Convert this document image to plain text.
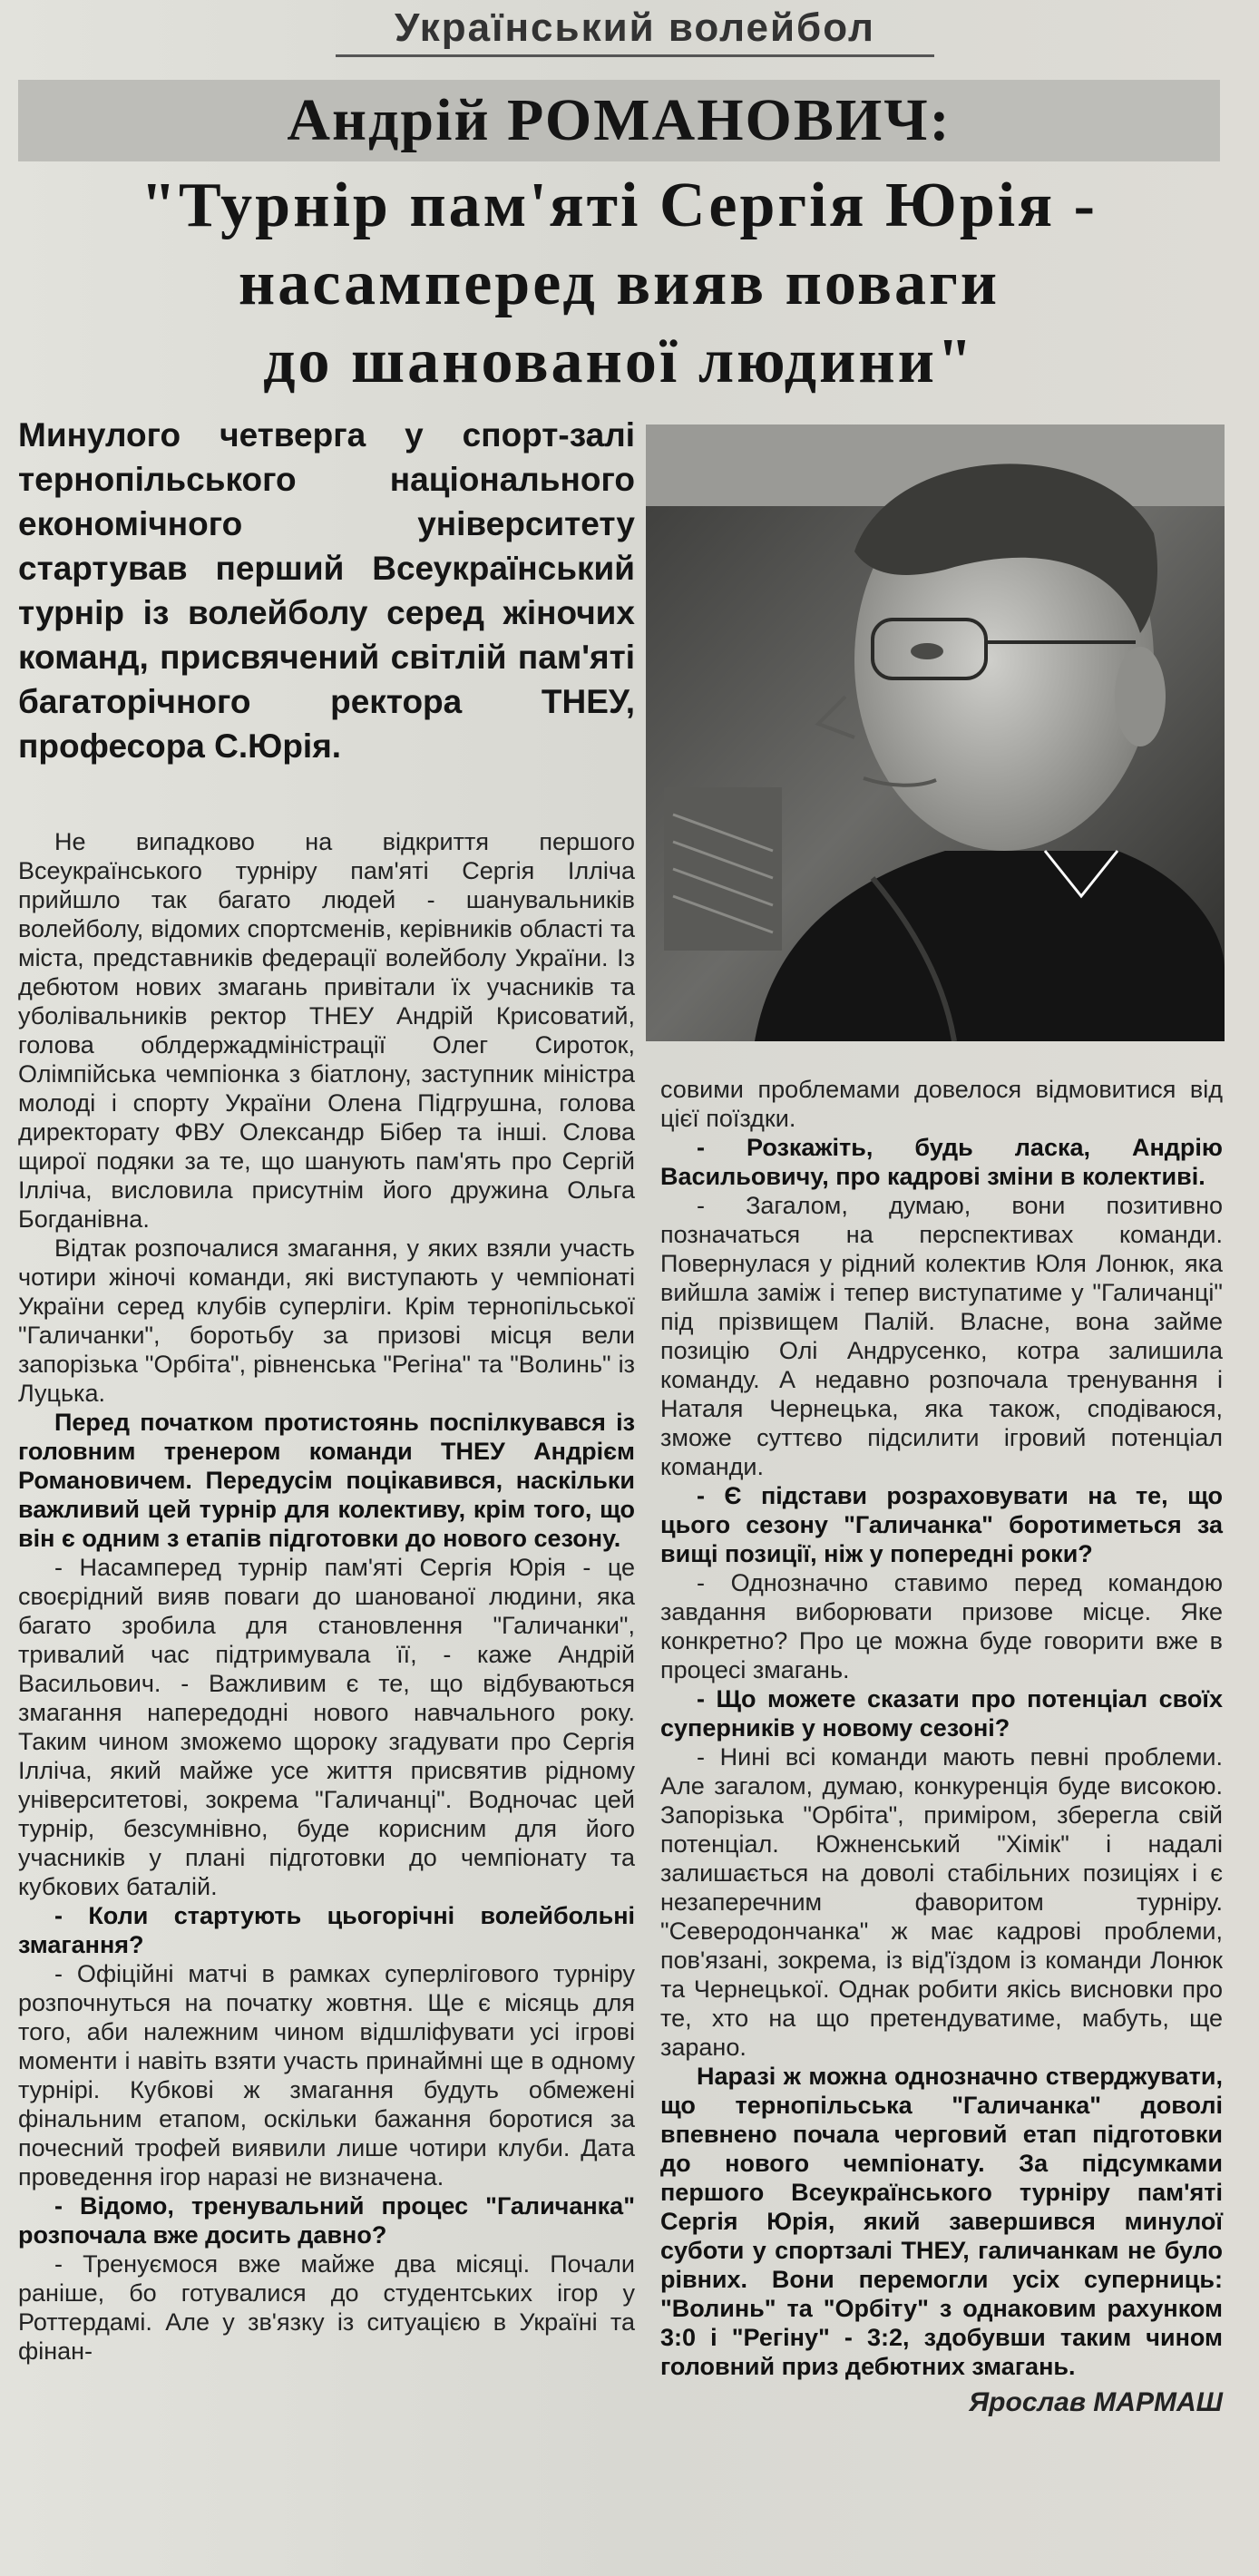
Український волейбол
Андрій РОМАНОВИЧ:
"Турнір пам'яті Сергія Юрія -
насамперед вияв поваги
до шанованої людини"

Минулого четверга у спорт-залі тернопільського національного економічного університету стартував перший Всеукраїнський турнір із волейболу серед жіночих команд, присвячений світлій пам'яті багаторічного ректора ТНЕУ, професора С.Юрія.

Не випадково на відкриття першого Всеукраїнського турніру пам'яті Сергія Ілліча прийшло так багато людей - шанувальників волейболу, відомих спортсменів, керівників області та міста, представників федерації волейболу України. Із дебютом нових змагань привітали їх учасників та уболівальників ректор ТНЕУ Андрій Крисоватий, голова облдержадміністрації Олег Сироток, Олімпійська чемпіонка з біатлону, заступник міністра молоді і спорту України Олена Підгрушна, голова директорату ФВУ Олександр Бібер та інші. Слова щирої подяки за те, що шанують пам'ять про Сергій Ілліча, висловила присутнім його дружина Ольга Богданівна.

Відтак розпочалися змагання, у яких взяли участь чотири жіночі команди, які виступають у чемпіонаті України серед клубів суперліги. Крім тернопільської "Галичанки", боротьбу за призові місця вели запорізька "Орбіта", рівненська "Регіна" та "Волинь" із Луцька.

Перед початком протистоянь поспілкувався із головним тренером команди ТНЕУ Андрієм Романовичем. Передусім поцікавився, наскільки важливий цей турнір для колективу, крім того, що він є одним з етапів підготовки до нового сезону.

- Насамперед турнір пам'яті Сергія Юрія - це своєрідний вияв поваги до шанованої людини, яка багато зробила для становлення "Галичанки", тривалий час підтримувала її, - каже Андрій Васильович. - Важливим є те, що відбуваються змагання напередодні нового навчального року. Таким чином зможемо щороку згадувати про Сергія Ілліча, який майже усе життя присвятив рідному університетові, зокрема "Галичанці". Водночас цей турнір, безсумнівно, буде корисним для його учасників у плані підготовки до чемпіонату та кубкових баталій.

- Коли стартують цьогорічні волейбольні змагання?

- Офіційні матчі в рамках суперлігового турніру розпочнуться на початку жовтня. Ще є місяць для того, аби належним чином відшліфувати усі ігрові моменти і навіть взяти участь принаймні ще в одному турнірі. Кубкові ж змагання будуть обмежені фінальним етапом, оскільки бажання боротися за почесний трофей виявили лише чотири клуби. Дата проведення ігор наразі не визначена.

- Відомо, тренувальний процес "Галичанка" розпочала вже досить давно?

- Тренуємося вже майже два місяці. Почали раніше, бо готувалися до студентських ігор у Роттердамі. Але у зв'язку із ситуацією в Україні та фінан-

совими проблемами довелося відмовитися від цієї поїздки.

- Розкажіть, будь ласка, Андрію Васильовичу, про кадрові зміни в колективі.

- Загалом, думаю, вони позитивно позначаться на перспективах команди. Повернулася у рідний колектив Юля Лонюк, яка вийшла заміж і тепер виступатиме у "Галичанці" під прізвищем Палій. Власне, вона займе позицію Олі Андрусенко, котра залишила команду. А недавно розпочала тренування і Наталя Чернецька, яка також, сподіваюся, зможе суттєво підсилити ігровий потенціал команди.

- Є підстави розраховувати на те, що цього сезону "Галичанка" боротиметься за вищі позиції, ніж у попередні роки?

- Однозначно ставимо перед командою завдання виборювати призове місце. Яке конкретно? Про це можна буде говорити вже в процесі змагань.

- Що можете сказати про потенціал своїх суперників у новому сезоні?

- Нині всі команди мають певні проблеми. Але загалом, думаю, конкуренція буде високою. Запорізька "Орбіта", приміром, зберегла свій потенціал. Южненський "Хімік" і надалі залишається на доволі стабільних позиціях і є незаперечним фаворитом турніру. "Северодончанка" ж має кадрові проблеми, пов'язані, зокрема, із від'їздом із команди Лонюк та Чернецької. Однак робити якісь висновки про те, хто на що претендуватиме, мабуть, ще зарано.

Наразі ж можна однозначно стверджувати, що тернопільська "Галичанка" доволі впевнено почала черговий етап підготовки до нового чемпіонату. За підсумками першого Всеукраїнського турніру пам'яті Сергія Юрія, який завершився минулої суботи у спортзалі ТНЕУ, галичанкам не було рівних. Вони перемогли усіх суперниць: "Волинь" та "Орбіту" з однаковим рахунком 3:0 і "Регіну" - 3:2, здобувши таким чином головний приз дебютних змагань.

Ярослав МАРМАШ
